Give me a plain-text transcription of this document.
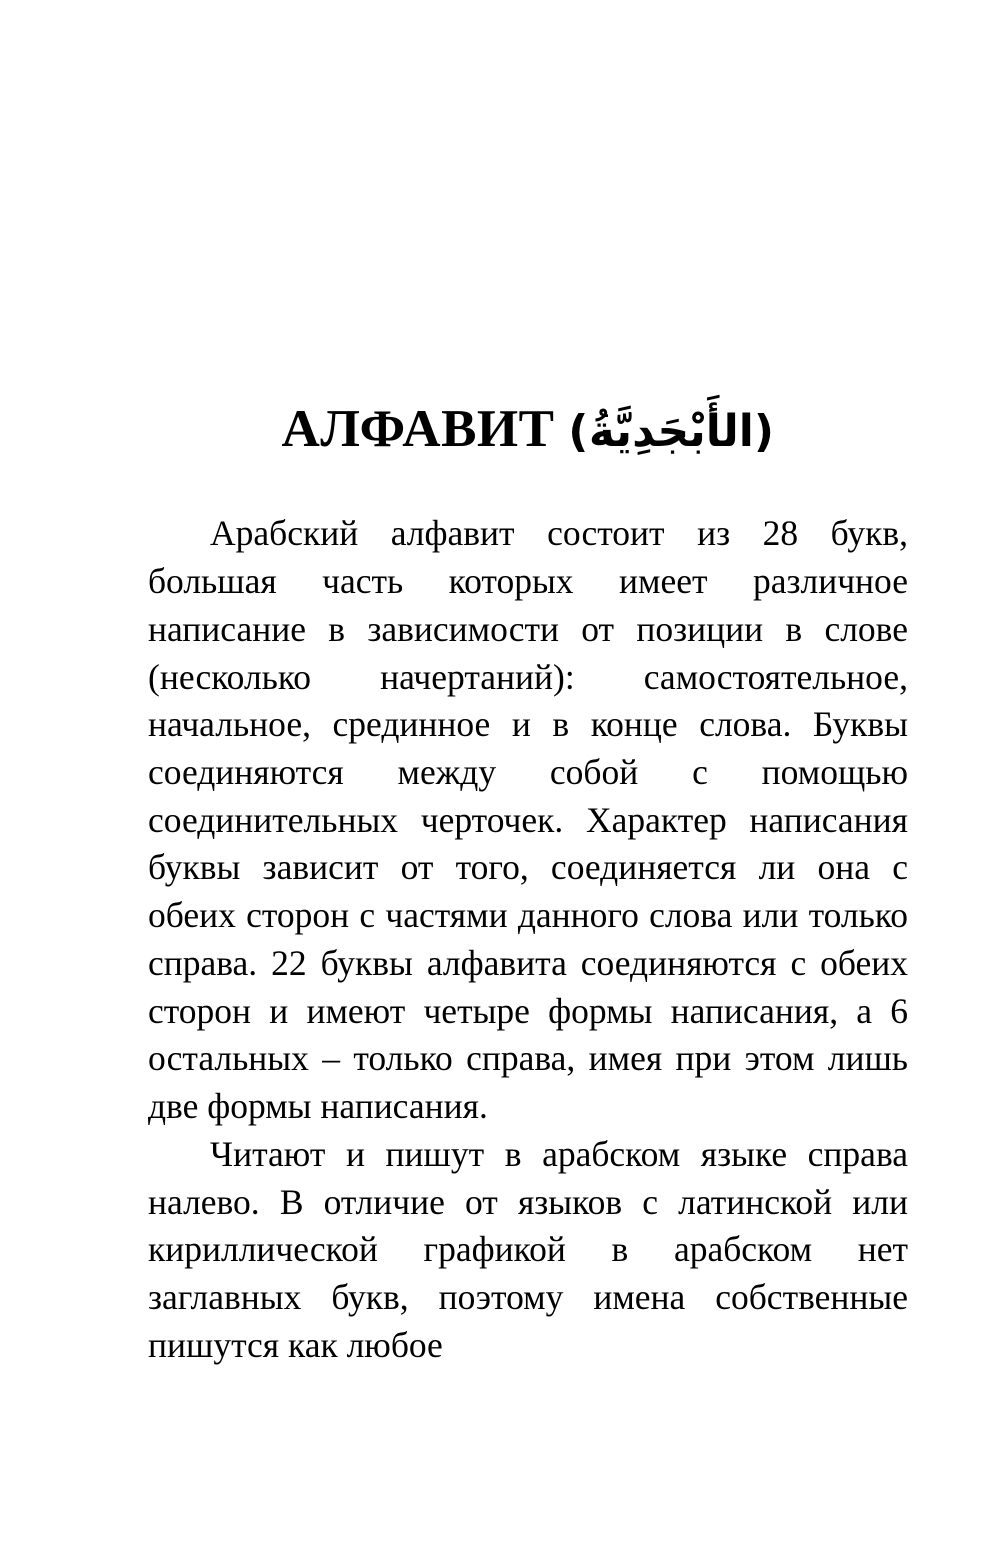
АЛФАВИТ (الأَبْجَدِيَّةُ)

Арабский алфавит состоит из 28 букв, большая часть которых имеет различное написание в зависимости от позиции в слове (несколько начертаний): самостоятельное, начальное, срединное и в конце слова. Буквы соединяются между собой с помощью соединительных черточек. Характер написания буквы зависит от того, соединяется ли она с обеих сторон с частями данного слова или только справа. 22 буквы алфавита соединяются с обеих сторон и имеют четыре формы написания, а 6 остальных – только справа, имея при этом лишь две формы написания.

Читают и пишут в арабском языке справа налево. В отличие от языков с латинской или кириллической графикой в арабском нет заглавных букв, поэтому имена собственные пишутся как любое
